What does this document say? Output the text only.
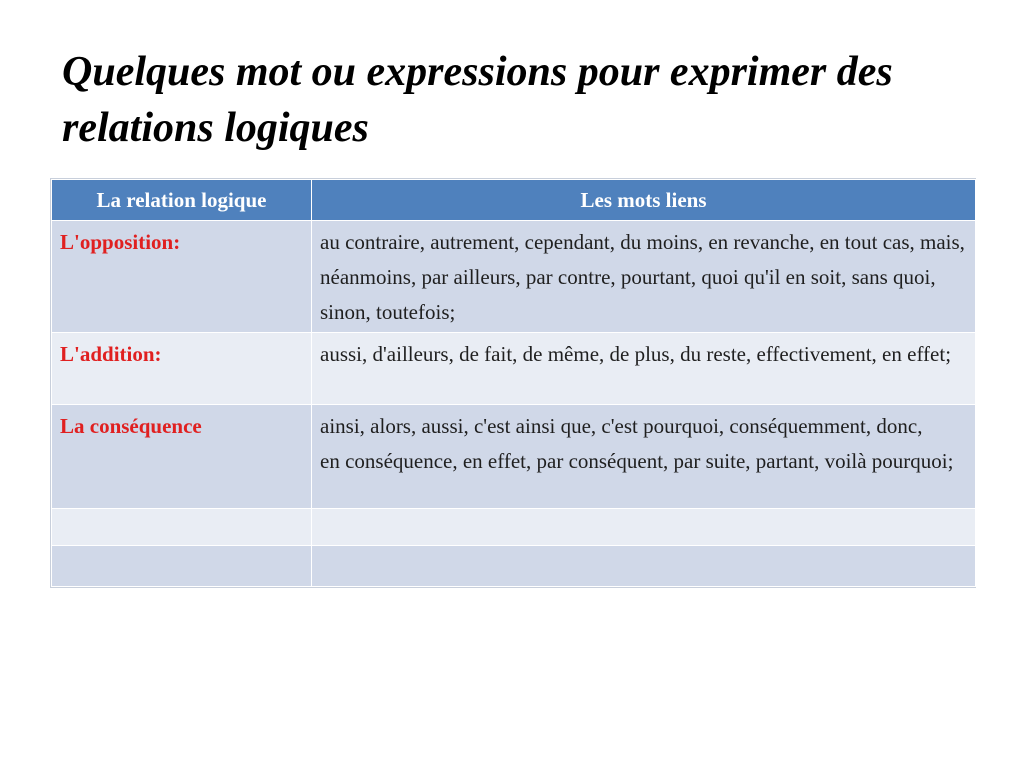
Quelques mot ou expressions pour exprimer des relations logiques
La relation logique	Les mots liens
L'opposition:	au contraire, autrement, cependant, du moins, en revanche, en tout cas, mais, néanmoins, par ailleurs, par contre, pourtant, quoi qu'il en soit, sans quoi, sinon, toutefois;
L'addition:	aussi, d'ailleurs, de fait, de même, de plus, du reste, effectivement, en effet;
La conséquence	ainsi, alors, aussi, c'est ainsi que, c'est pourquoi, conséquemment, donc,en conséquence, en effet, par conséquent, par suite, partant, voilà pourquoi;
